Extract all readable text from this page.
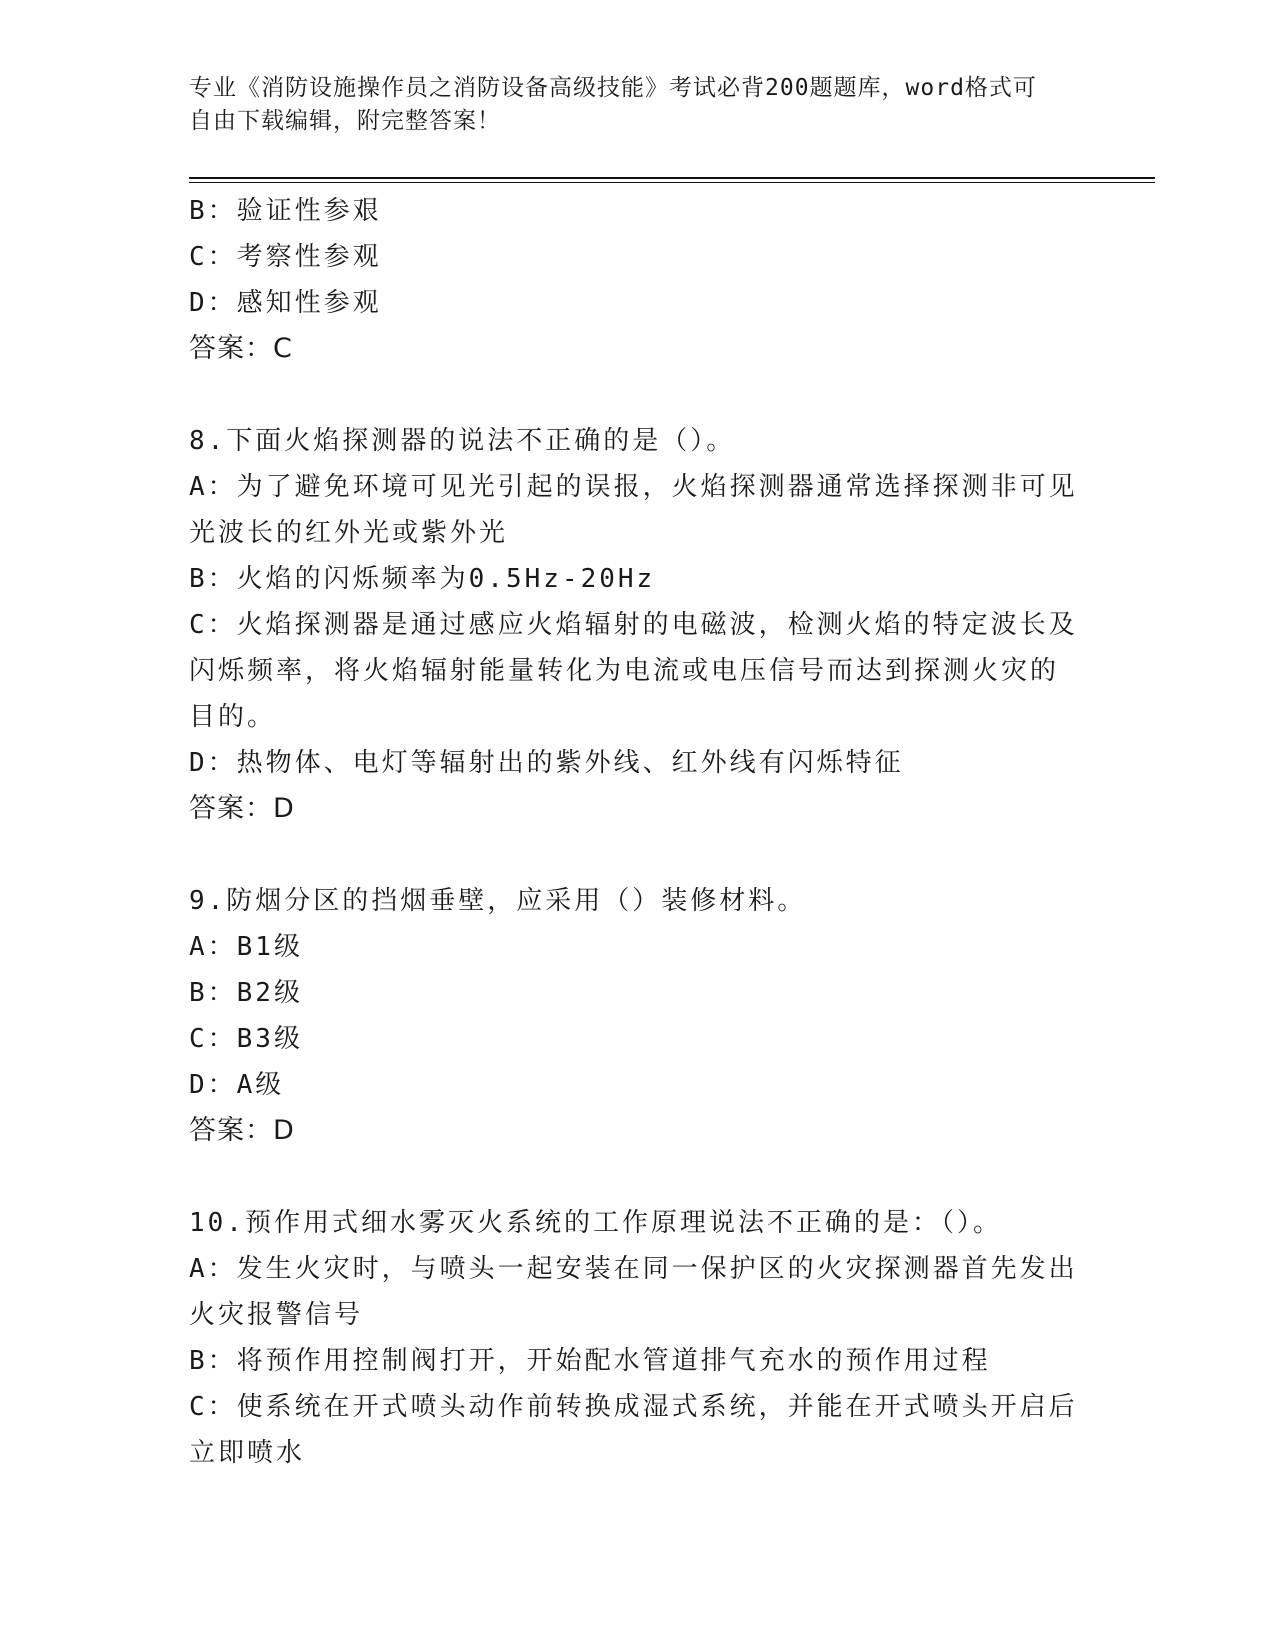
专业《消防设施操作员之消防设备高级技能》考试必背200题题库，word格式可
自由下载编辑，附完整答案！
B：验证性参艰
C：考察性参观
D：感知性参观
答案：C
8.下面火焰探测器的说法不正确的是（）。
A：为了避免环境可见光引起的误报，火焰探测器通常选择探测非可见
光波长的红外光或紫外光
B：火焰的闪烁频率为0.5Hz-20Hz
C：火焰探测器是通过感应火焰辐射的电磁波，检测火焰的特定波长及
闪烁频率，将火焰辐射能量转化为电流或电压信号而达到探测火灾的
目的。
D：热物体、电灯等辐射出的紫外线、红外线有闪烁特征
答案：D
9.防烟分区的挡烟垂壁，应采用（）装修材料。
A：B1级
B：B2级
C：B3级
D：A级
答案：D
10.预作用式细水雾灭火系统的工作原理说法不正确的是：（）。
A：发生火灾时，与喷头一起安装在同一保护区的火灾探测器首先发出
火灾报警信号
B：将预作用控制阀打开，开始配水管道排气充水的预作用过程
C：使系统在开式喷头动作前转换成湿式系统，并能在开式喷头开启后
立即喷水
